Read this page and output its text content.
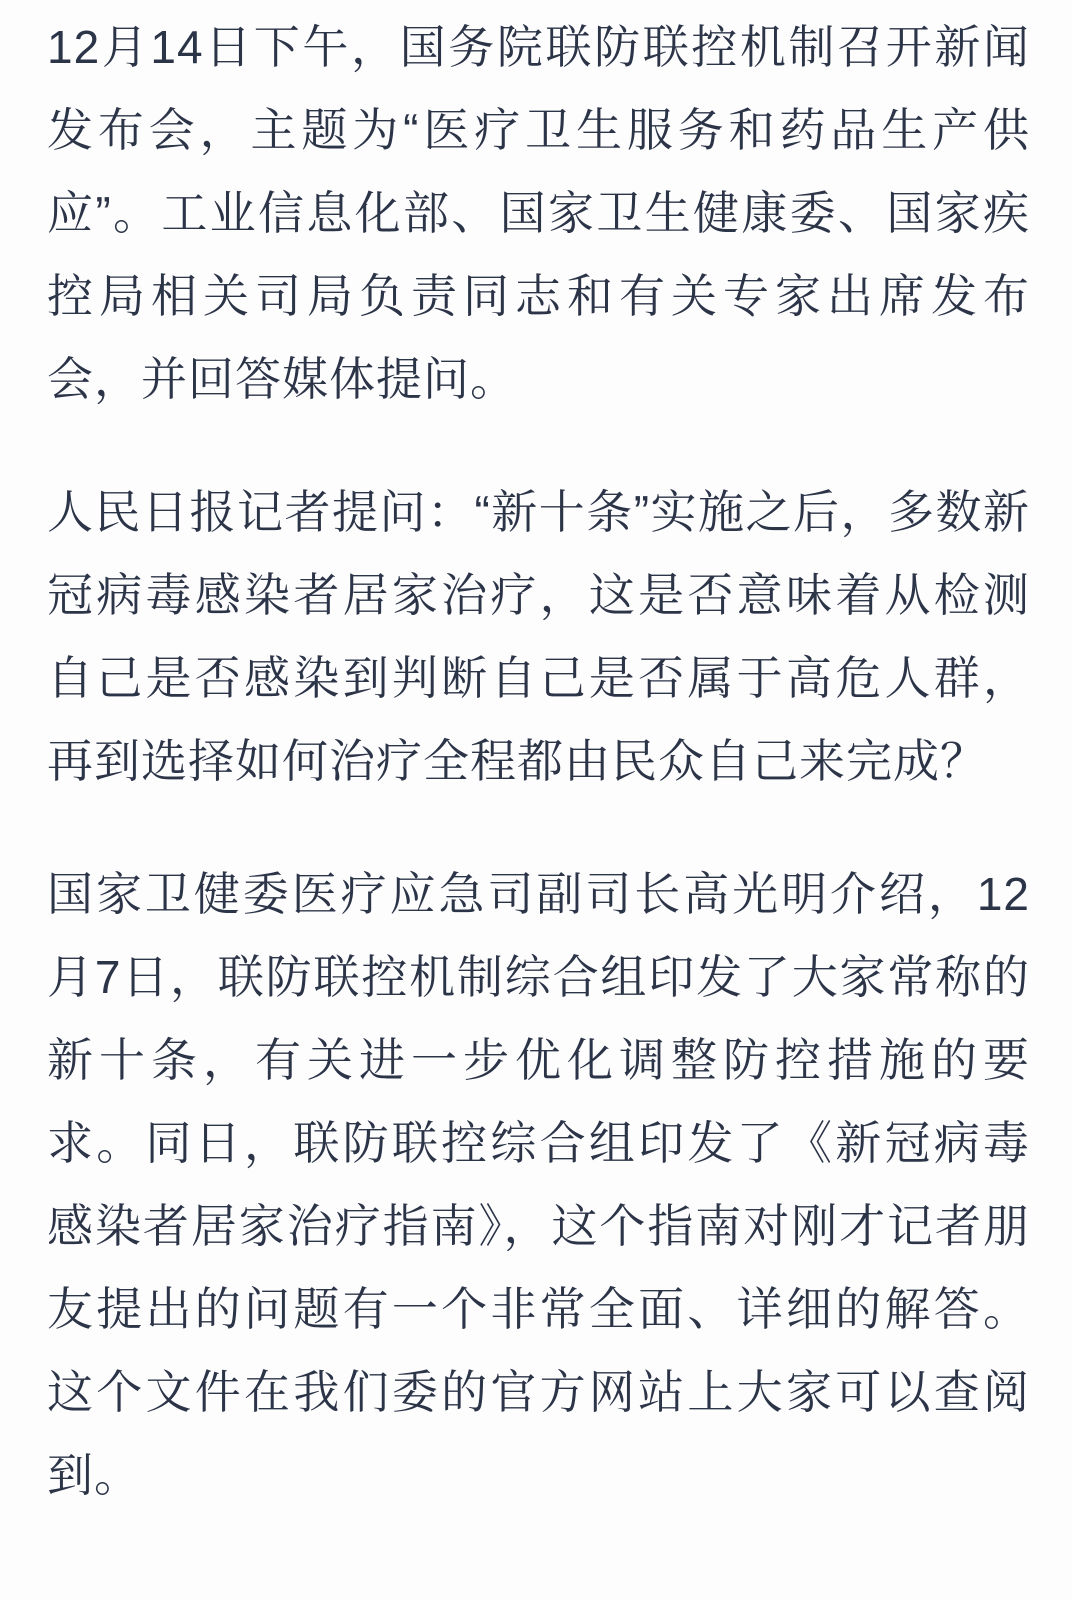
12月14日下午，国务院联防联控机制召开新闻发布会，主题为“医疗卫生服务和药品生产供应”。工业信息化部、国家卫生健康委、国家疾控局相关司局负责同志和有关专家出席发布会，并回答媒体提问。

人民日报记者提问：“新十条”实施之后，多数新冠病毒感染者居家治疗，这是否意味着从检测自己是否感染到判断自己是否属于高危人群，再到选择如何治疗全程都由民众自己来完成？

国家卫健委医疗应急司副司长高光明介绍，12月7日，联防联控机制综合组印发了大家常称的新十条，有关进一步优化调整防控措施的要求。同日，联防联控综合组印发了《新冠病毒感染者居家治疗指南》，这个指南对刚才记者朋友提出的问题有一个非常全面、详细的解答。这个文件在我们委的官方网站上大家可以查阅到。
